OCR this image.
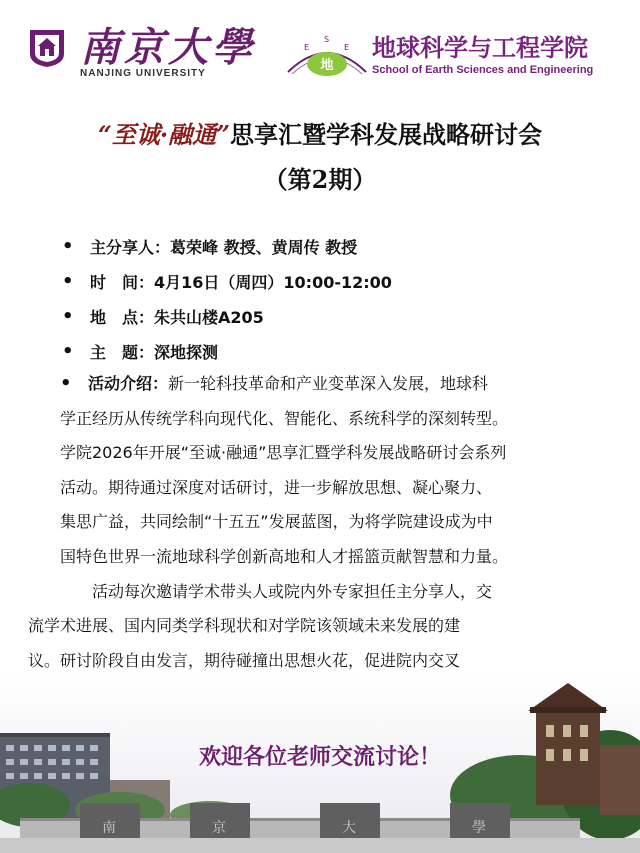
南京大學
NANJING UNIVERSITY
地
E
S
E 地球科学与工程学院
School of Earth Sciences and Engineering
“至诚·融通”思享汇暨学科发展战略研讨会
（第2期）
•	主分享人： 葛荣峰 教授、黄周传 教授
•	时　间： 4月16日（周四）10:00-12:00
•	地　点： 朱共山楼A205
•	主　题： 深地探测

• 活动介绍：新一轮科技革命和产业变革深入发展，地球科
学正经历从传统学科向现代化、智能化、系统科学的深刻转型。
学院2026年开展“至诚·融通”思享汇暨学科发展战略研讨会系列
活动。期待通过深度对话研讨，进一步解放思想、凝心聚力、
集思广益，共同绘制“十五五”发展蓝图，为将学院建设成为中
国特色世界一流地球科学创新高地和人才摇篮贡献智慧和力量。

活动每次邀请学术带头人或院内外专家担任主分享人，交
流学术进展、国内同类学科现状和对学院该领域未来发展的建
议。研讨阶段自由发言，期待碰撞出思想火花，促进院内交叉

南	京	大	學
欢迎各位老师交流讨论！
